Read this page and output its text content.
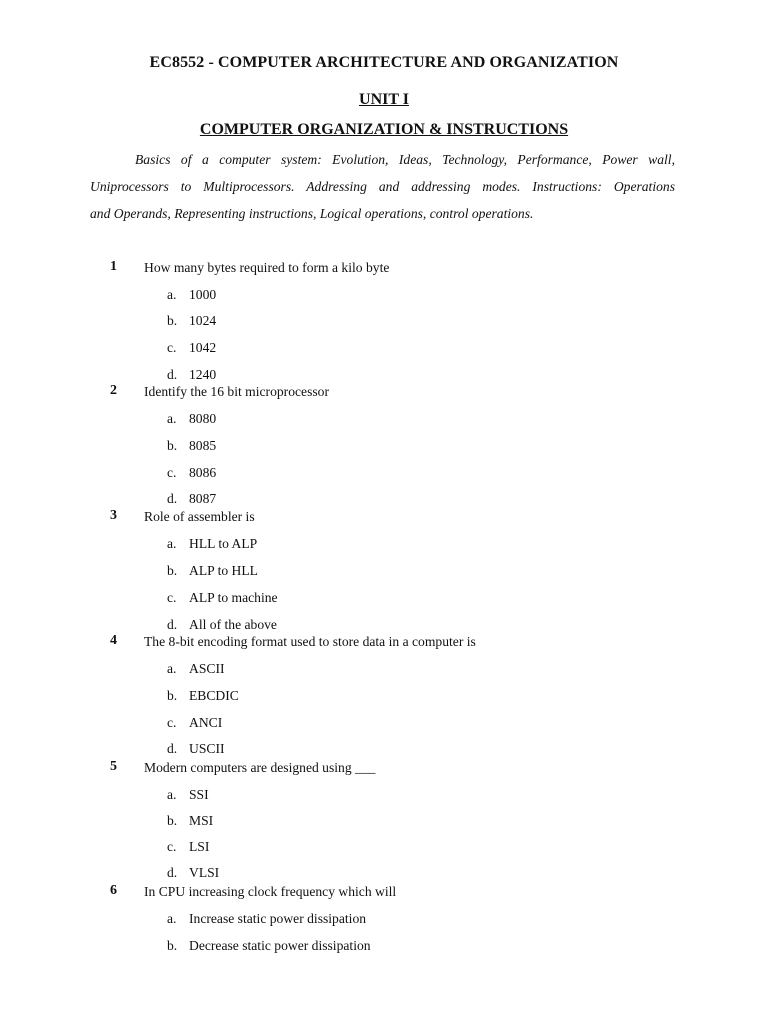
EC8552 - COMPUTER ARCHITECTURE AND ORGANIZATION
UNIT I
COMPUTER ORGANIZATION & INSTRUCTIONS
Basics of a computer system: Evolution, Ideas, Technology, Performance, Power wall,
Uniprocessors to Multiprocessors. Addressing and addressing modes. Instructions: Operations
and Operands, Representing instructions, Logical operations, control operations.
1 How many bytes required to form a kilo byte
a. 1000
b. 1024
c. 1042
d. 1240
2 Identify the 16 bit microprocessor
a. 8080
b. 8085
c. 8086
d. 8087
3 Role of assembler is
a. HLL to ALP
b. ALP to HLL
c. ALP to machine
d. All of the above
4 The 8-bit encoding format used to store data in a computer is
a. ASCII
b. EBCDIC
c. ANCI
d. USCII
5 Modern computers are designed using ___
a. SSI
b. MSI
c. LSI
d. VLSI
6 In CPU increasing clock frequency which will
a. Increase static power dissipation
b. Decrease static power dissipation
